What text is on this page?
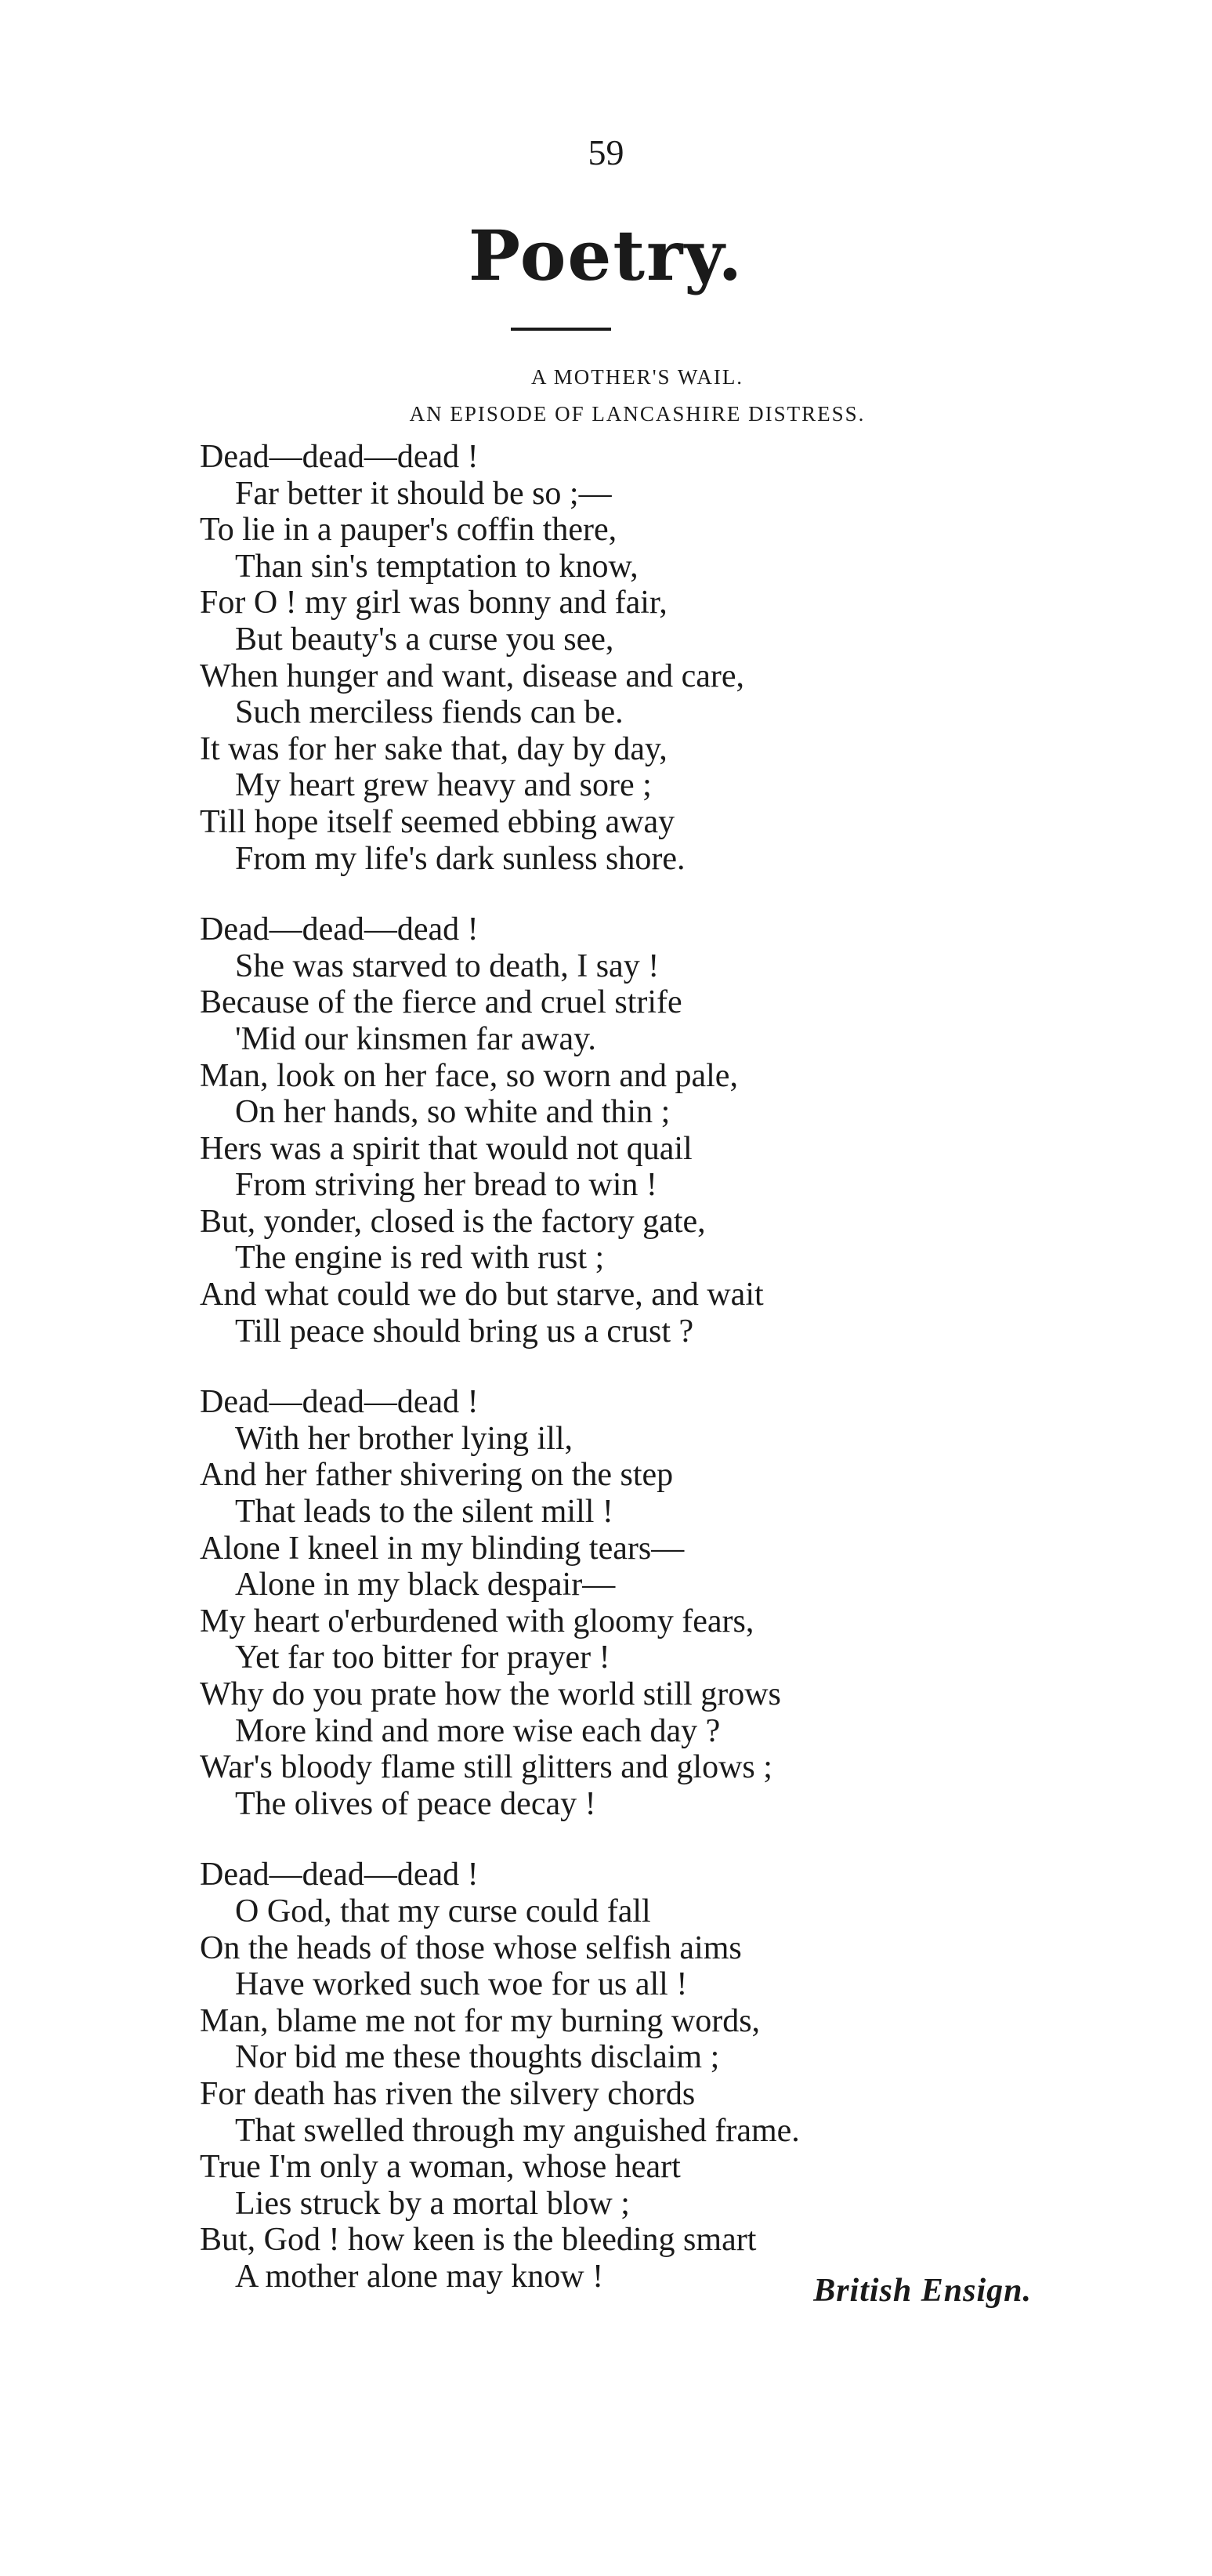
59
Poetry.
A MOTHER'S WAIL.
AN EPISODE OF LANCASHIRE DISTRESS.
Dead—dead—dead !
Far better it should be so ;—
To lie in a pauper's coffin there,
Than sin's temptation to know,
For O ! my girl was bonny and fair,
But beauty's a curse you see,
When hunger and want, disease and care,
Such merciless fiends can be.
It was for her sake that, day by day,
My heart grew heavy and sore ;
Till hope itself seemed ebbing away
From my life's dark sunless shore.
Dead—dead—dead !
She was starved to death, I say !
Because of the fierce and cruel strife
'Mid our kinsmen far away.
Man, look on her face, so worn and pale,
On her hands, so white and thin ;
Hers was a spirit that would not quail
From striving her bread to win !
But, yonder, closed is the factory gate,
The engine is red with rust ;
And what could we do but starve, and wait
Till peace should bring us a crust ?
Dead—dead—dead !
With her brother lying ill,
And her father shivering on the step
That leads to the silent mill !
Alone I kneel in my blinding tears—
Alone in my black despair—
My heart o'erburdened with gloomy fears,
Yet far too bitter for prayer !
Why do you prate how the world still grows
More kind and more wise each day ?
War's bloody flame still glitters and glows ;
The olives of peace decay !
Dead—dead—dead !
O God, that my curse could fall
On the heads of those whose selfish aims
Have worked such woe for us all !
Man, blame me not for my burning words,
Nor bid me these thoughts disclaim ;
For death has riven the silvery chords
That swelled through my anguished frame.
True I'm only a woman, whose heart
Lies struck by a mortal blow ;
But, God ! how keen is the bleeding smart
A mother alone may know !	British Ensign.
